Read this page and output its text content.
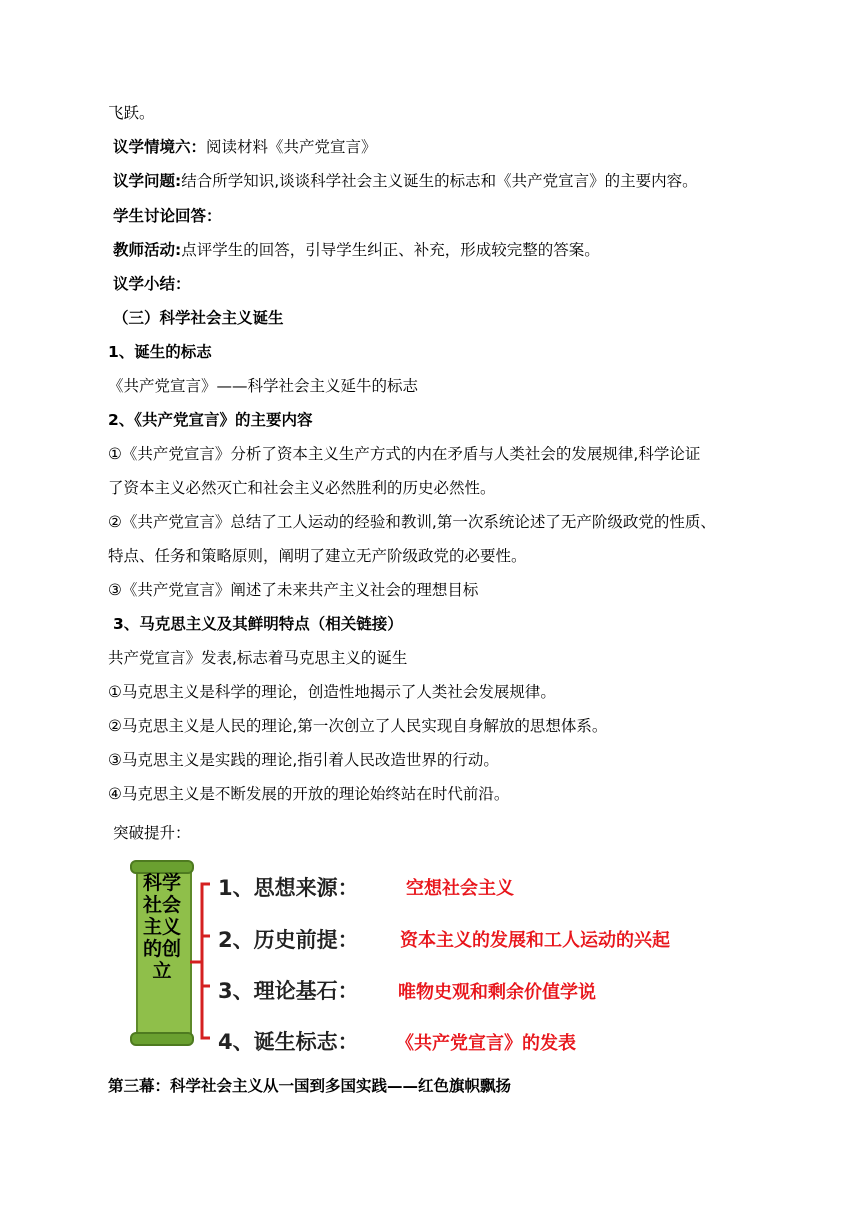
飞跃。
议学情境六：阅读材料《共产党宣言》
议学问题:结合所学知识,谈谈科学社会主义诞生的标志和《共产党宣言》的主要内容。
学生讨论回答：
教师活动:点评学生的回答，引导学生纠正、补充，形成较完整的答案。
议学小结：
（三）科学社会主义诞生
1、诞生的标志
《共产党宣言》——科学社会主义延牛的标志
2、《共产党宣言》的主要内容
①《共产党宣言》分析了资本主义生产方式的内在矛盾与人类社会的发展规律,科学论证
了资本主义必然灭亡和社会主义必然胜利的历史必然性。
②《共产党宣言》总结了工人运动的经验和教训,第一次系统论述了无产阶级政党的性质、
特点、任务和策略原则，阐明了建立无产阶级政党的必要性。
③《共产党宣言》阐述了未来共产主义社会的理想目标
3、马克思主义及其鲜明特点（相关链接）
共产党宣言》发表,标志着马克思主义的诞生
①马克思主义是科学的理论，创造性地揭示了人类社会发展规律。
②马克思主义是人民的理论,第一次创立了人民实现自身解放的思想体系。
③马克思主义是实践的理论,指引着人民改造世界的行动。
④马克思主义是不断发展的开放的理论始终站在时代前沿。
突破提升：
科学社会主义的创立
1、思想来源：	空想社会主义
2、历史前提： 资本主义的发展和工人运动的兴起
3、理论基石： 唯物史观和剩余价值学说
4、诞生标志： 《共产党宣言》的发表
第三幕：科学社会主义从一国到多国实践——红色旗帜飘扬
